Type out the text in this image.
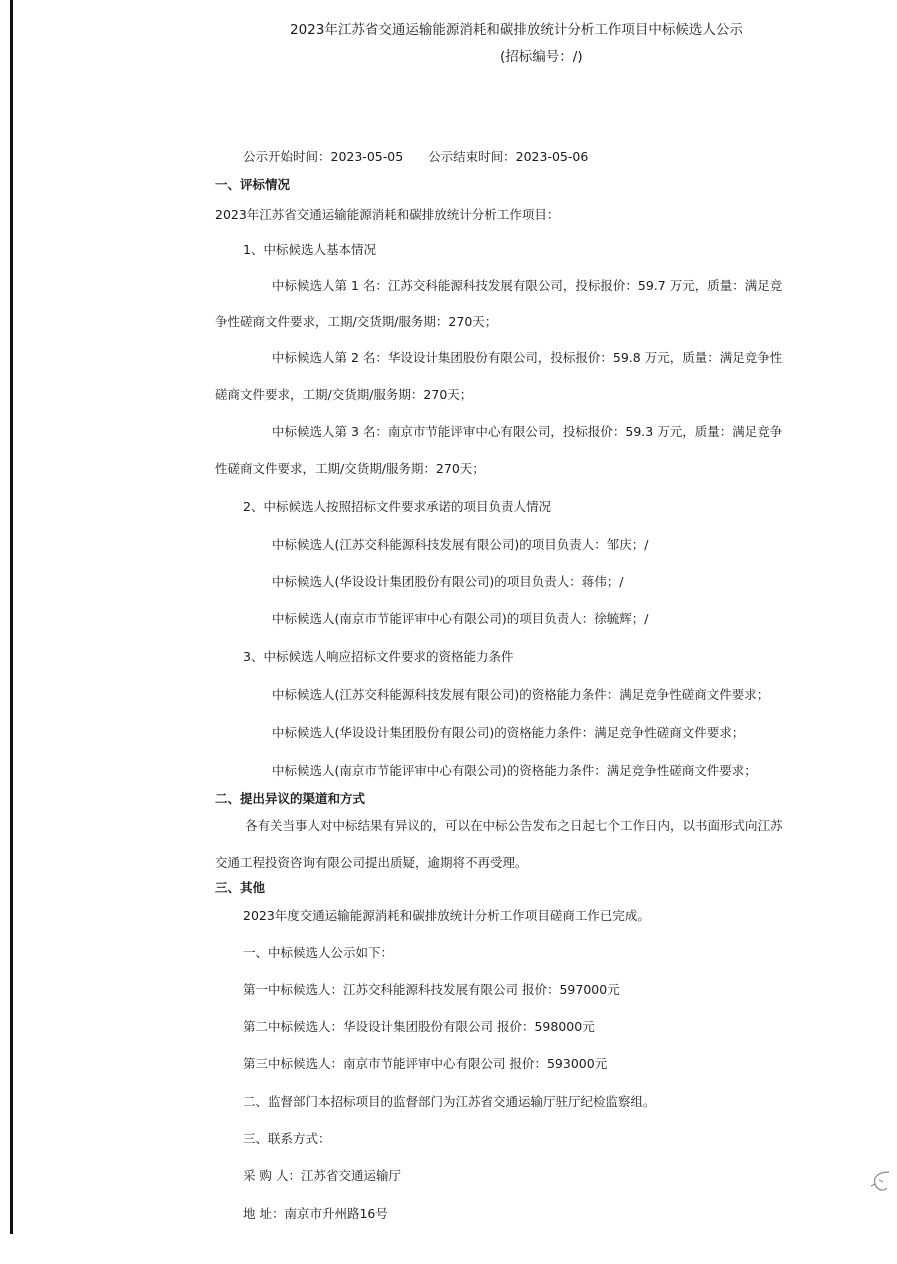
2023年江苏省交通运输能源消耗和碳排放统计分析工作项目中标候选人公示
(招标编号：/)
公示开始时间：2023-05-05　　公示结束时间：2023-05-06
一、评标情况
2023年江苏省交通运输能源消耗和碳排放统计分析工作项目：
1、中标候选人基本情况
中标候选人第 1 名：江苏交科能源科技发展有限公司，投标报价：59.7 万元，质量：满足竞
争性磋商文件要求，工期/交货期/服务期：270天；
中标候选人第 2 名：华设设计集团股份有限公司，投标报价：59.8 万元，质量：满足竞争性
磋商文件要求，工期/交货期/服务期：270天；
中标候选人第 3 名：南京市节能评审中心有限公司，投标报价：59.3 万元，质量：满足竞争
性磋商文件要求，工期/交货期/服务期：270天；
2、中标候选人按照招标文件要求承诺的项目负责人情况
中标候选人(江苏交科能源科技发展有限公司)的项目负责人：邹庆；/
中标候选人(华设设计集团股份有限公司)的项目负责人：蒋伟；/
中标候选人(南京市节能评审中心有限公司)的项目负责人：徐毓辉；/
3、中标候选人响应招标文件要求的资格能力条件
中标候选人(江苏交科能源科技发展有限公司)的资格能力条件：满足竞争性磋商文件要求；
中标候选人(华设设计集团股份有限公司)的资格能力条件：满足竞争性磋商文件要求；
中标候选人(南京市节能评审中心有限公司)的资格能力条件：满足竞争性磋商文件要求；
二、提出异议的渠道和方式
各有关当事人对中标结果有异议的，可以在中标公告发布之日起七个工作日内，以书面形式向江苏
交通工程投资咨询有限公司提出质疑，逾期将不再受理。
三、其他
2023年度交通运输能源消耗和碳排放统计分析工作项目磋商工作已完成。
一、中标候选人公示如下：
第一中标候选人：江苏交科能源科技发展有限公司 报价：597000元
第二中标候选人：华设设计集团股份有限公司 报价：598000元
第三中标候选人：南京市节能评审中心有限公司 报价：593000元
二、监督部门本招标项目的监督部门为江苏省交通运输厅驻厅纪检监察组。
三、联系方式：
采 购 人：江苏省交通运输厅
地 址：南京市升州路16号
